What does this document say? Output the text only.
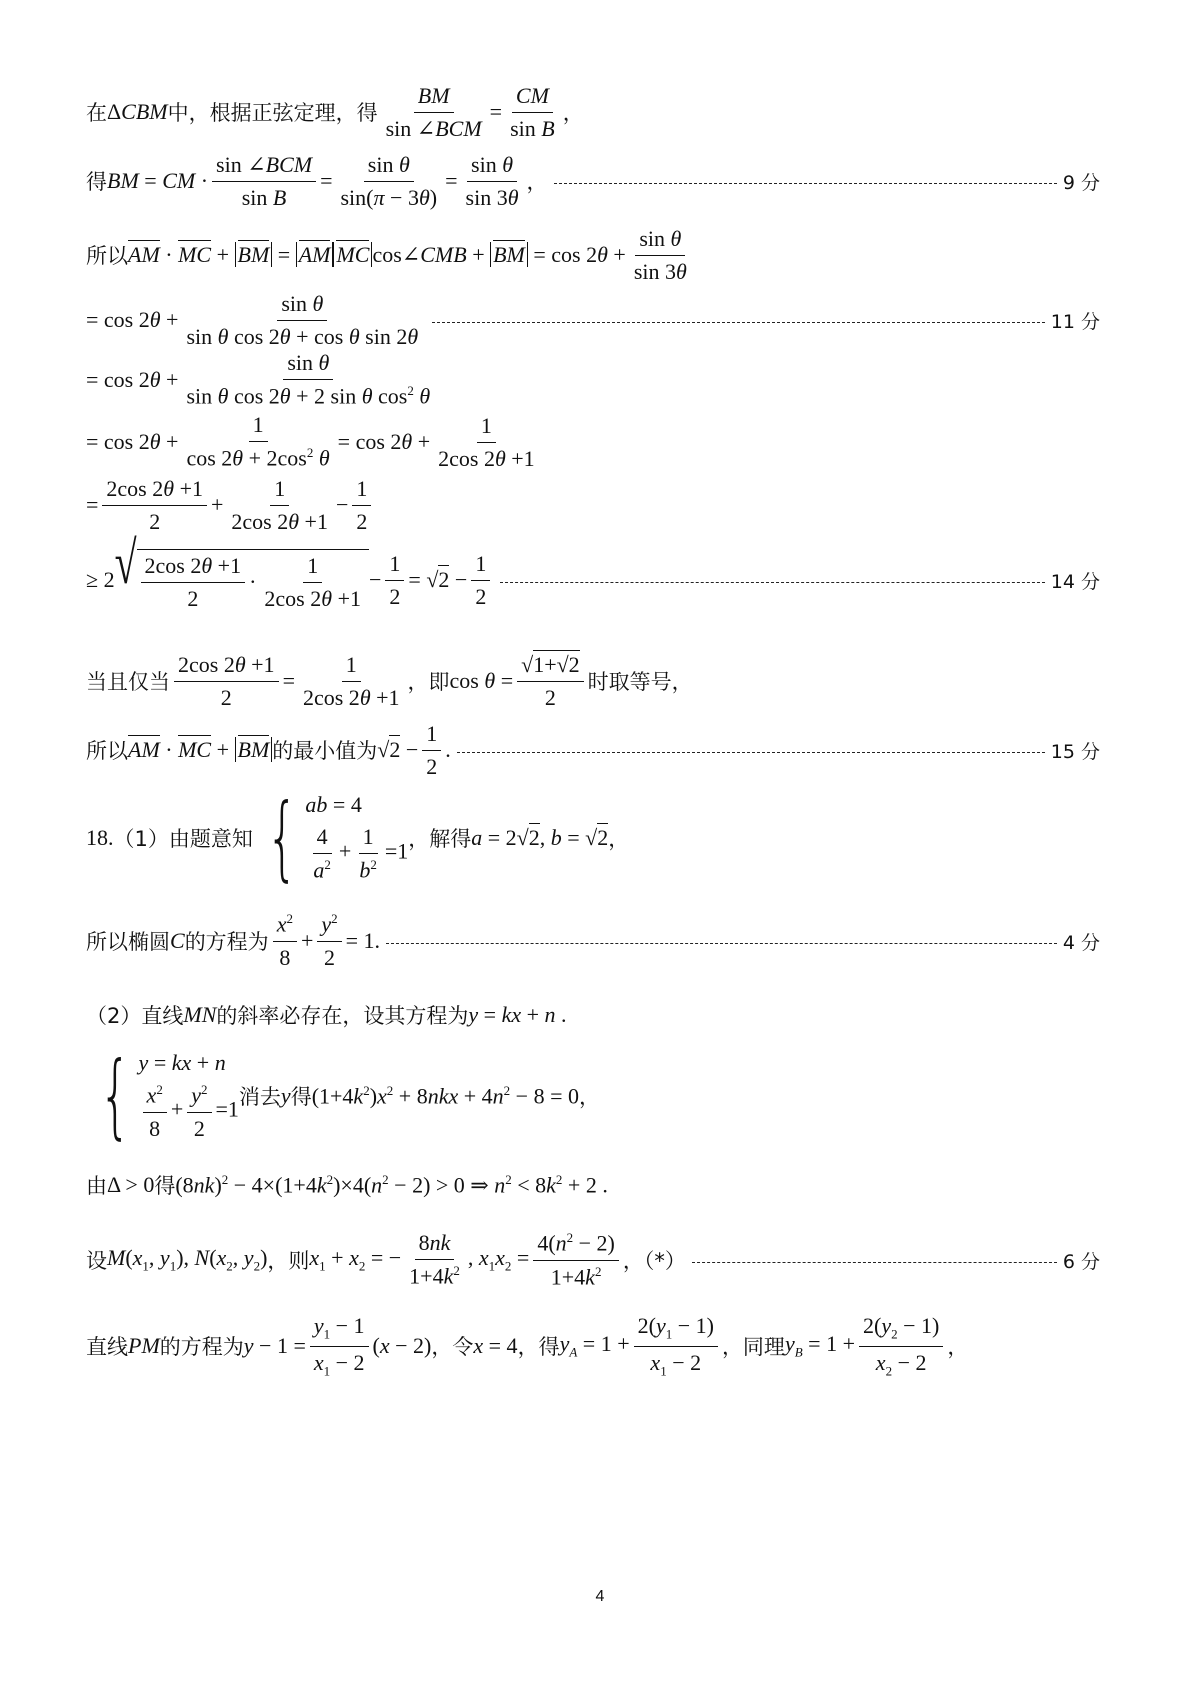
在 Δ CBM 中，根据正弦定理，得
BM
sin ∠BCM
= $\frac{CM}{\text{sin B}}$ ，
得 BM = CM ·
sin ∠BCM
sin B
= $\frac{\text{sin θ}}{\sin(\pi - 3\theta)} = \frac{\text{sin θ}}{\sin 3\theta}$ ，	9 分
所以 AM · MC + BM = AM MC cos∠CMB + BM = $\cos 2\theta + \frac{\text{sin θ}}{\sin 3\theta}$
= $\cos 2\theta + \frac{\text{sin θ}}{\text{sin θ cos 2θ + cos θ sin 2θ}}$	11 分
= $\cos 2\theta + \frac{\text{sin θ}}{\sin \theta \cos 2\theta + 2 \sin \theta \cos^2 \theta}$
= $\cos 2\theta + \frac{1}{\cos 2\theta + 2\cos^2 \theta} = \cos 2\theta + \frac{1}{2\cos 2\theta +1}$
= $\frac{2\cos 2\theta +1}{2} + \frac{1}{2\cos 2\theta +1} - \frac{1}{2}$
≥ 2 √ 2cos 2θ +1
2
·
1
2cos 2θ +1
− $\frac{1}{2} = √2 - \frac{1}{2}$	14 分
当且仅当 $\frac{2\cos 2\theta +1}{2} = \frac{1}{2\cos 2\theta +1}$ ，即 $\cos \theta = \frac{√1+√2}{2}$ 时取等号，
所以 AM · MC + BM 的最小值为 $√2 - \frac{1}{2}$ .	15 分
18. （1）由题意知 { ab = 4
$\frac{4}{a^2} + \frac{1}{b^2} =1$
，解得 a = 2√2, b = √2 ，
所以椭圆 C 的方程为
$x^2$
8
+ $\frac{y^2}{2} = 1$.	4 分
（2）直线 MN 的斜率必存在，设其方程为 y = kx + n .
{ y = kx + n
$\frac{x^2}{8} + \frac{y^2}{2} =1$
消去 y 得 $(1+4k^2)x^2 + 8nkx + 4n^2 - 8 = 0$ ，
由 Δ > 0 得 $(8nk)^2 - 4\times(1+4k^2)\times 4(n^2 - 2) > 0$ ⇒ $n^2 < 8k^2 + 2$ .
设 $M(x_1$, $y_1$), $N(x_2$, $y_2$) ，则 $x_1 + x_2$ = − $\frac{8nk}{1+4k^2}$ , $x_1x_2 = \frac{4(n^2 - 2)}{1+4k^2}$ ，（*）	6 分
直线 PM 的方程为 $y - 1 = \frac{y_1 - 1}{x_1 - 2} (x - 2)$ ，令 x = 4 ，得 $y_A = 1 + \frac{2(y_1 - 1)}{x_1 - 2}$ ，同理 $y_B = 1 + \frac{2(y_2 - 1)}{x_2 - 2}$ ，
4
